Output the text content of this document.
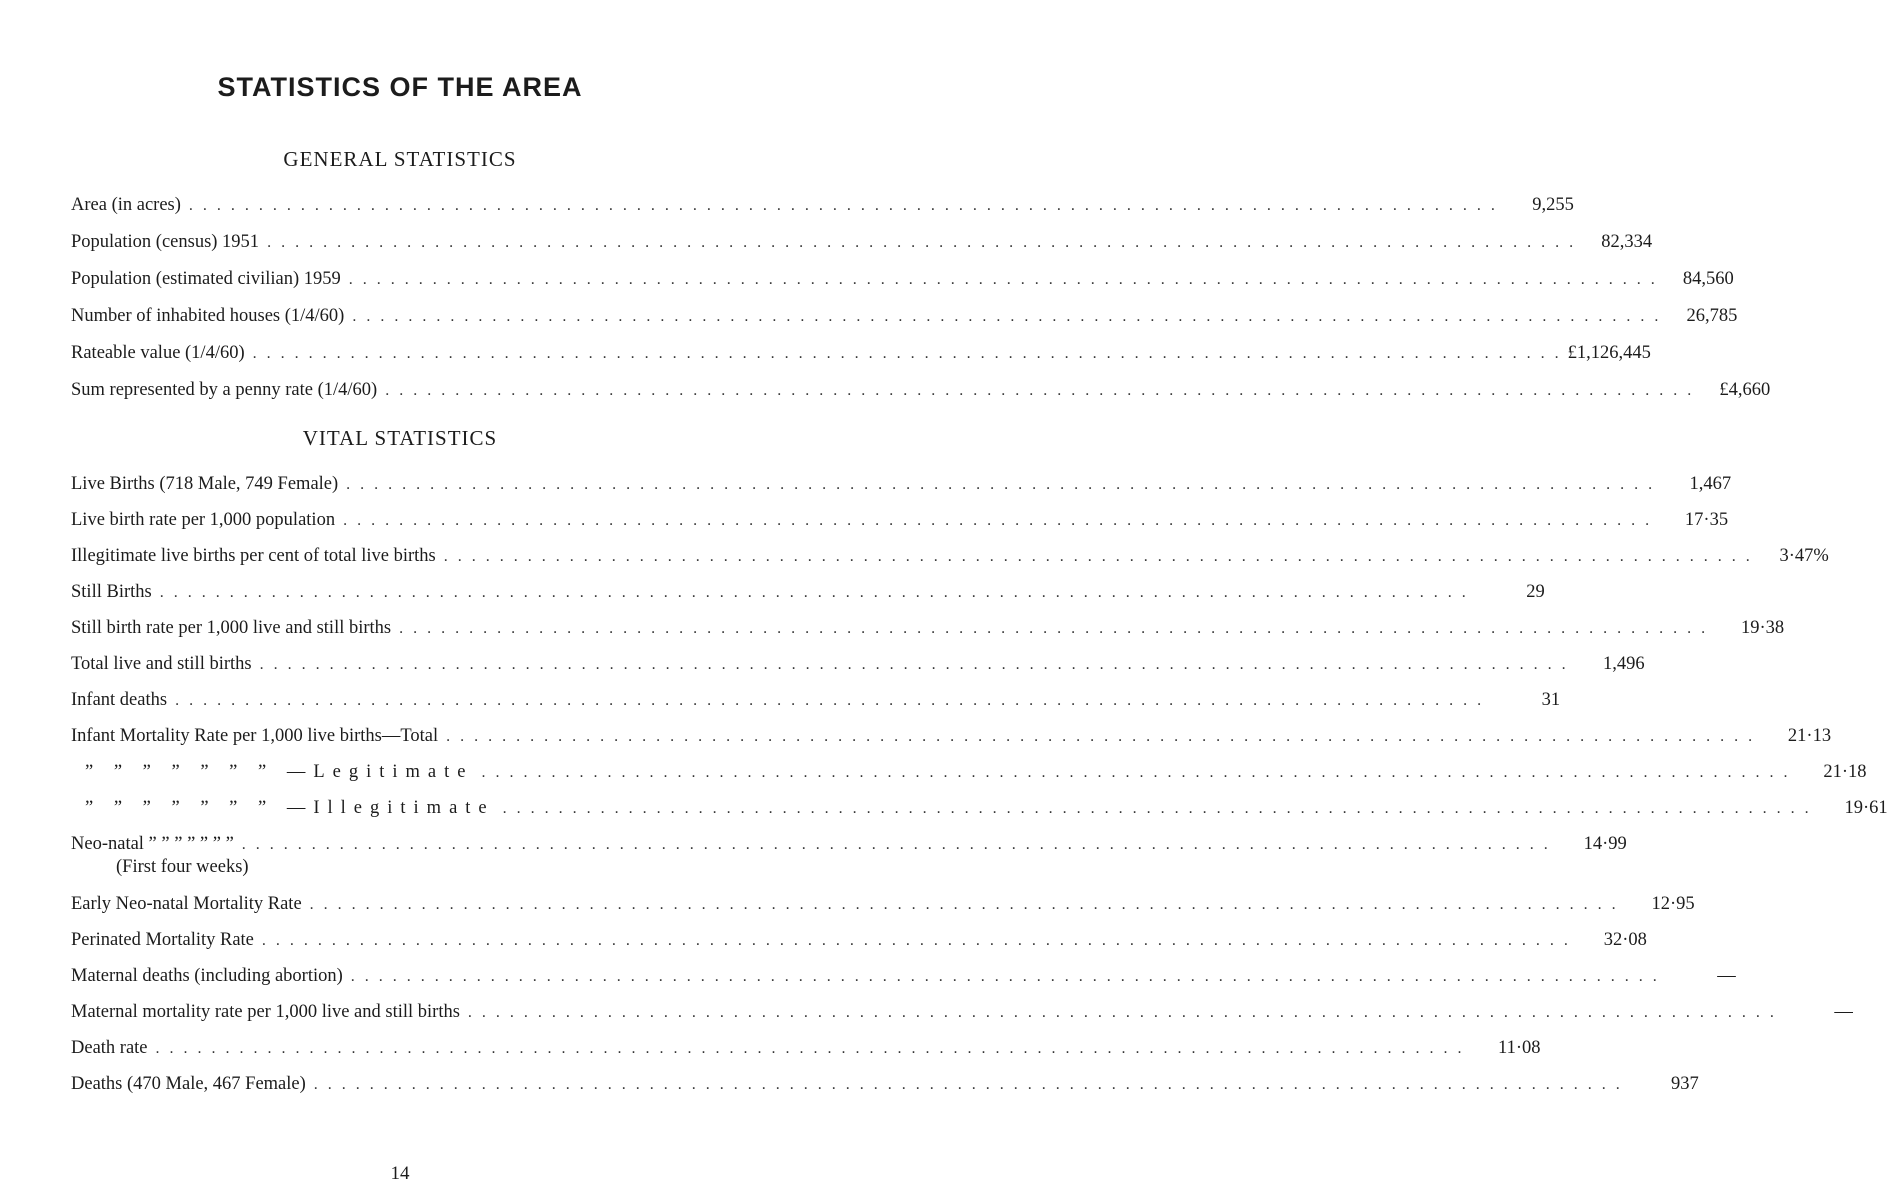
STATISTICS OF THE AREA
GENERAL STATISTICS
Area (in acres) . . . . . . . . . . . . . . . . . . . . . . . . . . . . . . . . . . . . . . . . . . . . . . . . . . . . . . . . . . . . . . . . . . . . . . . . . . . . . . . . . . . . . . . . . . . . . .	9,255
Population (census) 1951 . . . . . . . . . . . . . . . . . . . . . . . . . . . . . . . . . . . . . . . . . . . . . . . . . . . . . . . . . . . . . . . . . . . . . . . . . . . . . . . . . . . . . . . . . . . . . .	82,334
Population (estimated civilian) 1959 . . . . . . . . . . . . . . . . . . . . . . . . . . . . . . . . . . . . . . . . . . . . . . . . . . . . . . . . . . . . . . . . . . . . . . . . . . . . . . . . . . . . . . . . . . . . . .	84,560
Number of inhabited houses (1/4/60) . . . . . . . . . . . . . . . . . . . . . . . . . . . . . . . . . . . . . . . . . . . . . . . . . . . . . . . . . . . . . . . . . . . . . . . . . . . . . . . . . . . . . . . . . . . . . .	26,785
Rateable value (1/4/60) . . . . . . . . . . . . . . . . . . . . . . . . . . . . . . . . . . . . . . . . . . . . . . . . . . . . . . . . . . . . . . . . . . . . . . . . . . . . . . . . . . . . . . . . . . . . . . £1,126,445
Sum represented by a penny rate (1/4/60) . . . . . . . . . . . . . . . . . . . . . . . . . . . . . . . . . . . . . . . . . . . . . . . . . . . . . . . . . . . . . . . . . . . . . . . . . . . . . . . . . . . . . . . . . . . . . .	£4,660
VITAL STATISTICS
Live Births (718 Male, 749 Female) . . . . . . . . . . . . . . . . . . . . . . . . . . . . . . . . . . . . . . . . . . . . . . . . . . . . . . . . . . . . . . . . . . . . . . . . . . . . . . . . . . . . . . . . . . . . . .	1,467
Live birth rate per 1,000 population . . . . . . . . . . . . . . . . . . . . . . . . . . . . . . . . . . . . . . . . . . . . . . . . . . . . . . . . . . . . . . . . . . . . . . . . . . . . . . . . . . . . . . . . . . . . . .	17·35
Illegitimate live births per cent of total live births . . . . . . . . . . . . . . . . . . . . . . . . . . . . . . . . . . . . . . . . . . . . . . . . . . . . . . . . . . . . . . . . . . . . . . . . . . . . . . . . . . . . . . . . . . . . . .	3·47%
Still Births . . . . . . . . . . . . . . . . . . . . . . . . . . . . . . . . . . . . . . . . . . . . . . . . . . . . . . . . . . . . . . . . . . . . . . . . . . . . . . . . . . . . . . . . . . . . . .	29
Still birth rate per 1,000 live and still births . . . . . . . . . . . . . . . . . . . . . . . . . . . . . . . . . . . . . . . . . . . . . . . . . . . . . . . . . . . . . . . . . . . . . . . . . . . . . . . . . . . . . . . . . . . . . .	19·38
Total live and still births . . . . . . . . . . . . . . . . . . . . . . . . . . . . . . . . . . . . . . . . . . . . . . . . . . . . . . . . . . . . . . . . . . . . . . . . . . . . . . . . . . . . . . . . . . . . . .	1,496
Infant deaths . . . . . . . . . . . . . . . . . . . . . . . . . . . . . . . . . . . . . . . . . . . . . . . . . . . . . . . . . . . . . . . . . . . . . . . . . . . . . . . . . . . . . . . . . . . . . .	31
Infant Mortality Rate per 1,000 live births—Total . . . . . . . . . . . . . . . . . . . . . . . . . . . . . . . . . . . . . . . . . . . . . . . . . . . . . . . . . . . . . . . . . . . . . . . . . . . . . . . . . . . . . . . . . . . . . .	21·13
” ” ” ” ” ” ” —Legitimate . . . . . . . . . . . . . . . . . . . . . . . . . . . . . . . . . . . . . . . . . . . . . . . . . . . . . . . . . . . . . . . . . . . . . . . . . . . . . . . . . . . . . . . . . . . . . .	21·18
” ” ” ” ” ” ” —Illegitimate . . . . . . . . . . . . . . . . . . . . . . . . . . . . . . . . . . . . . . . . . . . . . . . . . . . . . . . . . . . . . . . . . . . . . . . . . . . . . . . . . . . . . . . . . . . . . .	19·61
Neo-natal ” ” ” ” ” ” ” . . . . . . . . . . . . . . . . . . . . . . . . . . . . . . . . . . . . . . . . . . . . . . . . . . . . . . . . . . . . . . . . . . . . . . . . . . . . . . . . . . . . . . . . . . . . . .	14·99
(First four weeks)
Early Neo-natal Mortality Rate . . . . . . . . . . . . . . . . . . . . . . . . . . . . . . . . . . . . . . . . . . . . . . . . . . . . . . . . . . . . . . . . . . . . . . . . . . . . . . . . . . . . . . . . . . . . . .	12·95
Perinated Mortality Rate . . . . . . . . . . . . . . . . . . . . . . . . . . . . . . . . . . . . . . . . . . . . . . . . . . . . . . . . . . . . . . . . . . . . . . . . . . . . . . . . . . . . . . . . . . . . . .	32·08
Maternal deaths (including abortion) . . . . . . . . . . . . . . . . . . . . . . . . . . . . . . . . . . . . . . . . . . . . . . . . . . . . . . . . . . . . . . . . . . . . . . . . . . . . . . . . . . . . . . . . . . . . . .	—
Maternal mortality rate per 1,000 live and still births . . . . . . . . . . . . . . . . . . . . . . . . . . . . . . . . . . . . . . . . . . . . . . . . . . . . . . . . . . . . . . . . . . . . . . . . . . . . . . . . . . . . . . . . . . . . . .	—
Death rate . . . . . . . . . . . . . . . . . . . . . . . . . . . . . . . . . . . . . . . . . . . . . . . . . . . . . . . . . . . . . . . . . . . . . . . . . . . . . . . . . . . . . . . . . . . . . .	11·08
Deaths (470 Male, 467 Female) . . . . . . . . . . . . . . . . . . . . . . . . . . . . . . . . . . . . . . . . . . . . . . . . . . . . . . . . . . . . . . . . . . . . . . . . . . . . . . . . . . . . . . . . . . . . . .	937
14
